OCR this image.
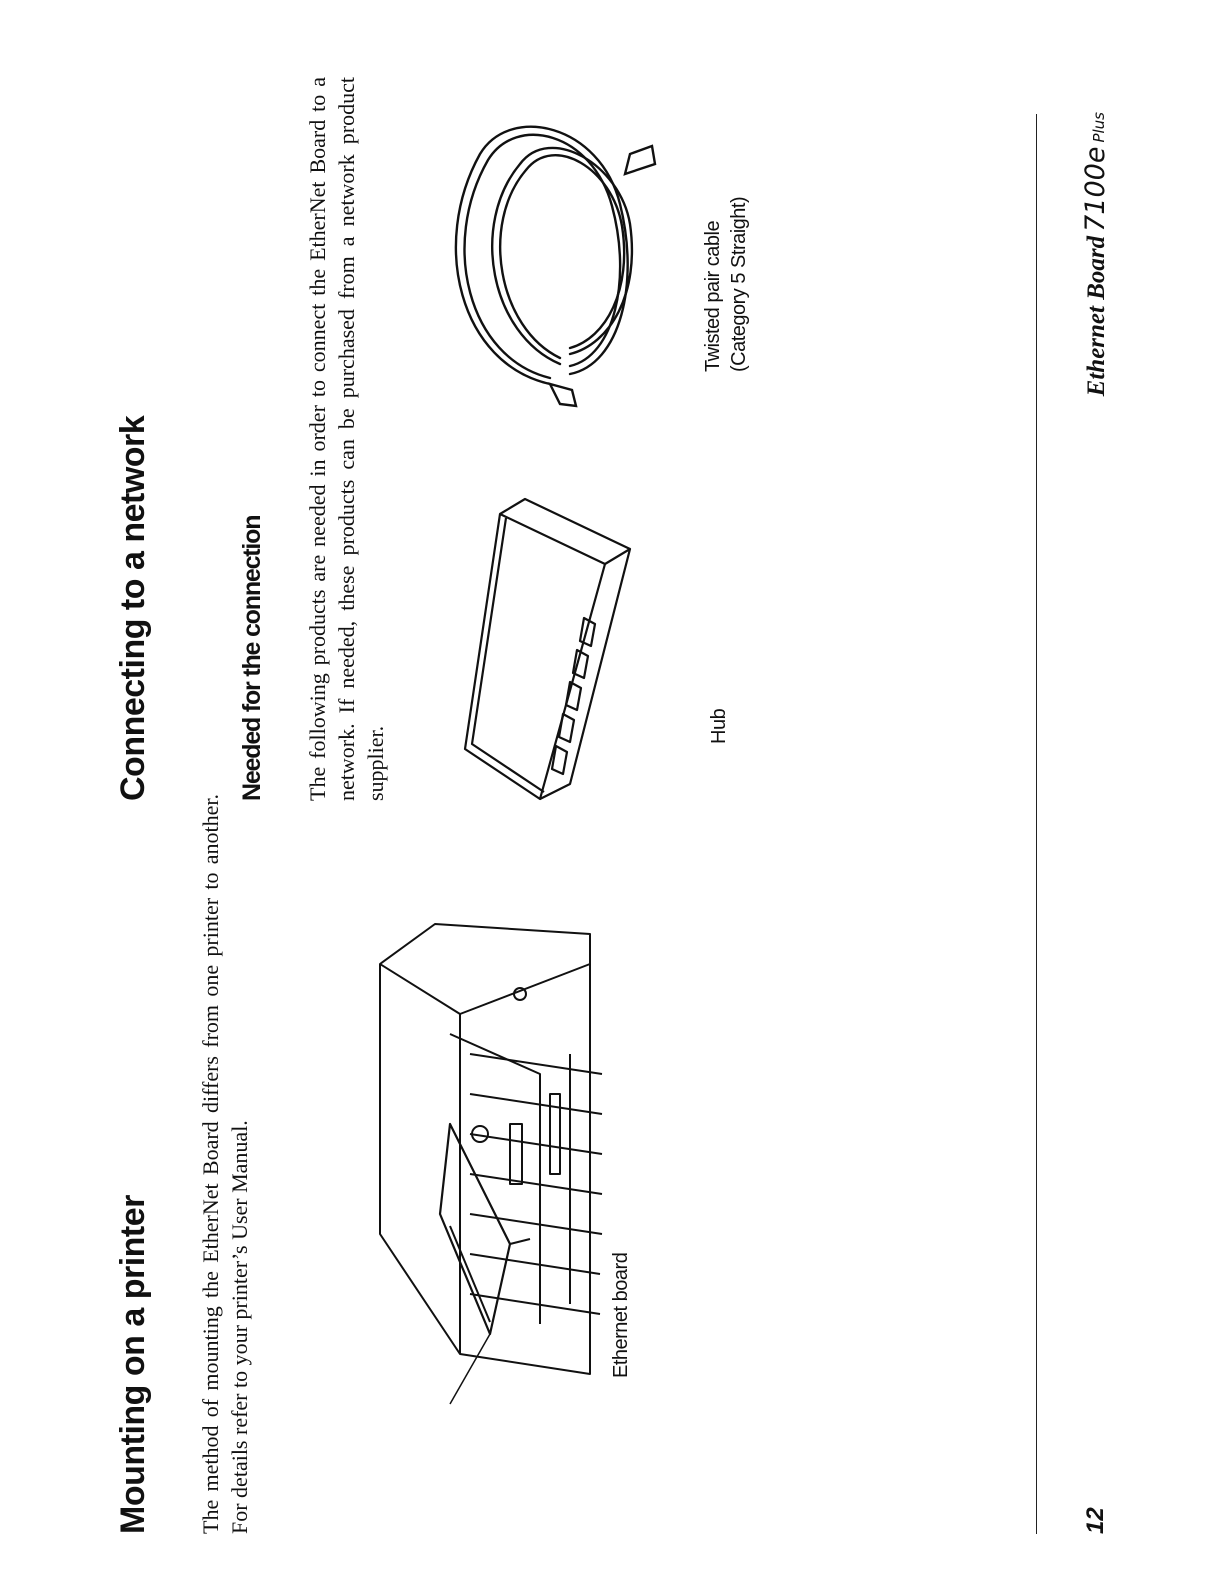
Mounting on a printer The method of mounting the EtherNet Board differs from one printer to another. For details refer to your printer’s User Manual.	Ethernet board
Connecting to a network	Needed for the connection The following products are needed in order to connect the EtherNet Board to a network. If needed, these products can be purchased from a network product supplier.	Hub
Twisted pair cable (Category 5 Straight)
12
Ethernet Board 7100e Plus
